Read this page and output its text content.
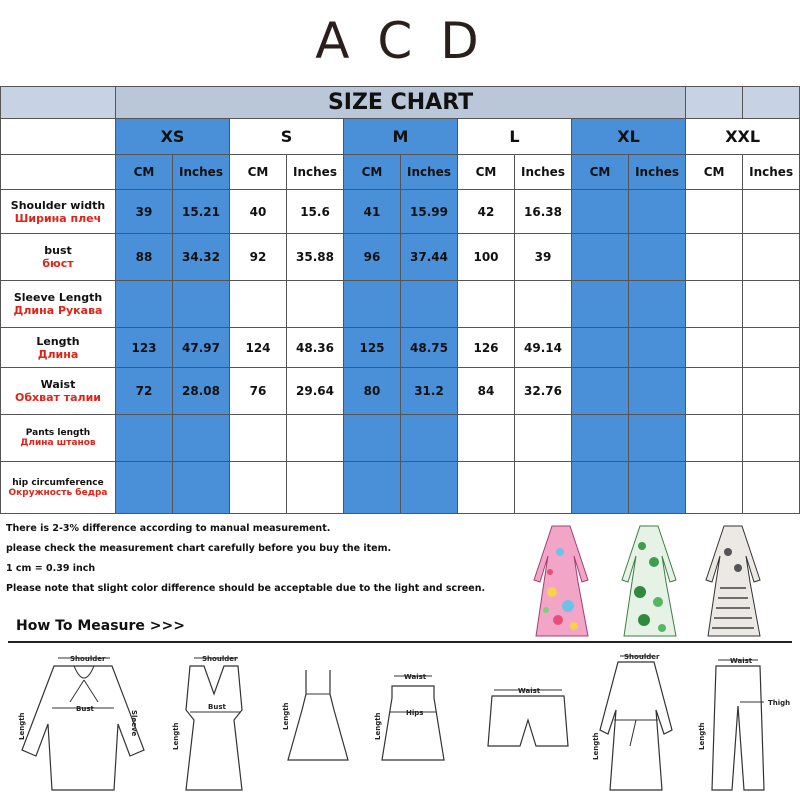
A C D
	SIZE CHART											
	XS		S		M		L		XL		XXL	
	CM	Inches	CM	Inches	CM	Inches	CM	Inches	CM	Inches	CM	Inches

Shoulder width
Ширина плеч	39	15.21	40	15.6	41	15.99	42	16.38				

bust
бюст	88	34.32	92	35.88	96	37.44	100	39				

Sleeve Length
Длина Рукава												

Length
Длина	123	47.97	124	48.36	125	48.75	126	49.14				

Waist
Обхват талии	72	28.08	76	29.64	80	31.2	84	32.76				

Pants length
Длина штанов												

hip circumference
Окружность бедра												

There is 2-3% difference according to manual measurement.

please check the measurement chart carefully before you buy the item.

1 cm = 0.39 inch

Please note that slight color difference should be acceptable due to the light and screen.

How To Measure >>>
Shoulder
Bust
Sleeve
Length
Shoulder
Bust
Length
Length
Waist
Hips
Length
Waist
Shoulder
Length
Waist
Thigh
Length
